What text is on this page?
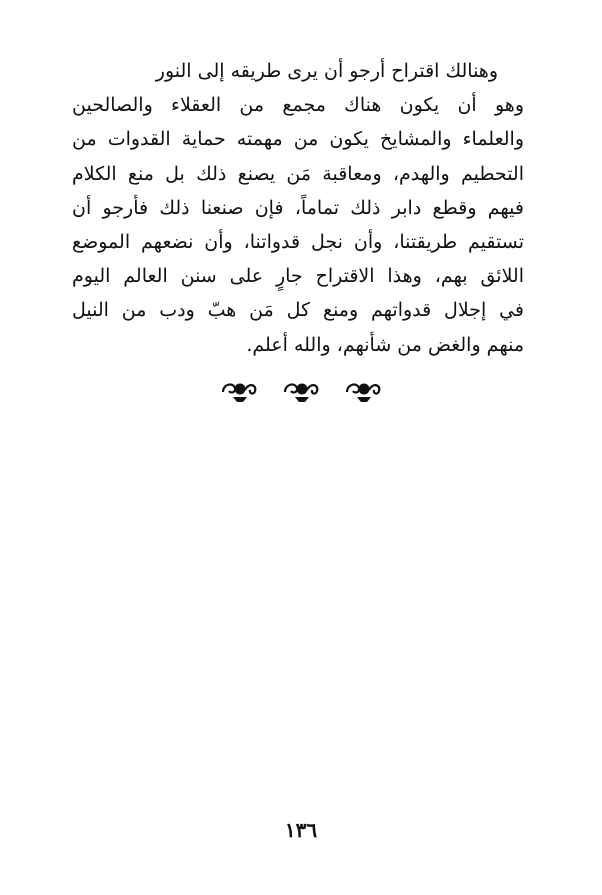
وهنالك اقتراح أرجو أن يرى طريقه إلى النور
وهو أن يكون هناك مجمع من العقلاء والصالحين
والعلماء والمشايخ يكون من مهمته حماية القدوات من
التحطيم والهدم، ومعاقبة مَن يصنع ذلك بل منع الكلام
فيهم وقطع دابر ذلك تماماً، فإن صنعنا ذلك فأرجو أن
تستقيم طريقتنا، وأن نجل قدواتنا، وأن نضعهم الموضع
اللائق بهم، وهذا الاقتراح جارٍ على سنن العالم اليوم
في إجلال قدواتهم ومنع كل مَن هبّ ودب من النيل
منهم والغض من شأنهم، والله أعلم.
١٣٦
